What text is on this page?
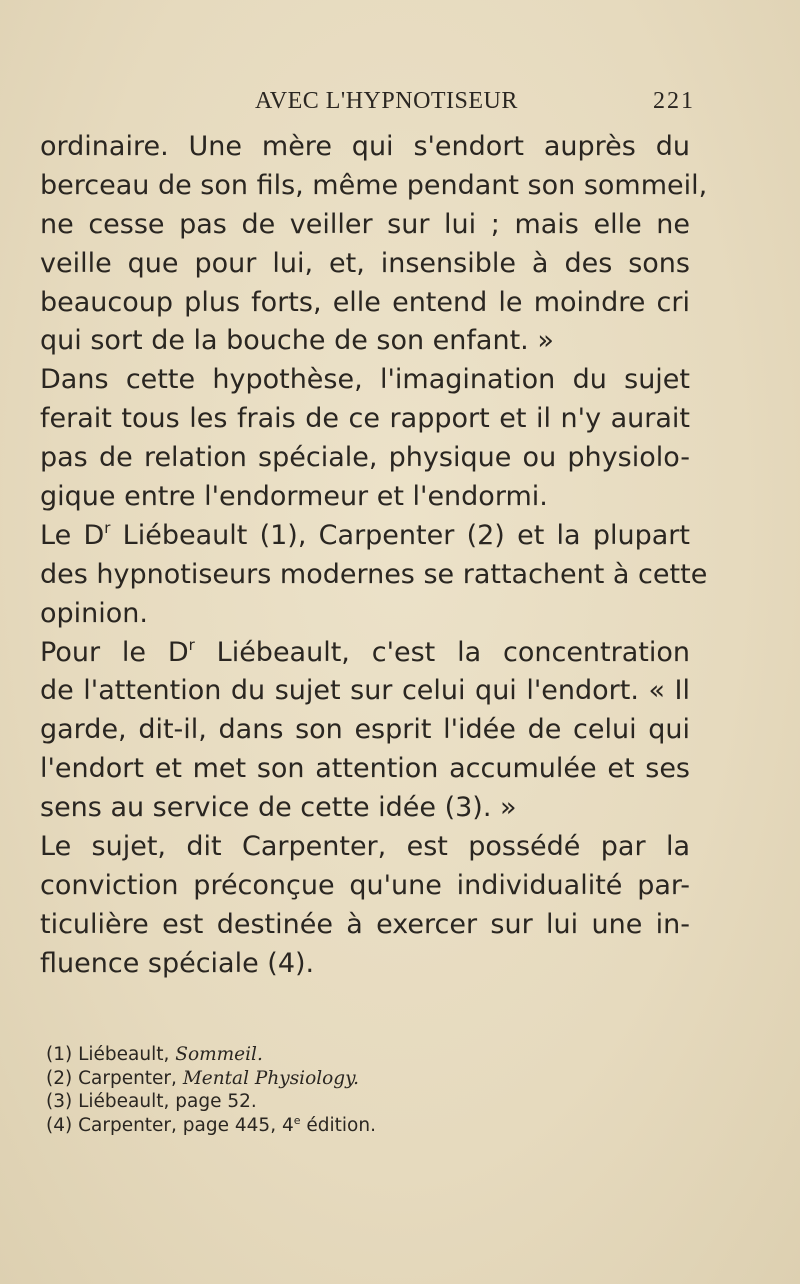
AVEC L'HYPNOTISEUR	221
ordinaire. Une mère qui s'endort auprès du
berceau de son fils, même pendant son sommeil,
ne cesse pas de veiller sur lui ; mais elle ne
veille que pour lui, et, insensible à des sons
beaucoup plus forts, elle entend le moindre cri
qui sort de la bouche de son enfant. »
Dans cette hypothèse, l'imagination du sujet
ferait tous les frais de ce rapport et il n'y aurait
pas de relation spéciale, physique ou physiolo-
gique entre l'endormeur et l'endormi.
Le $D^r$ Liébeault (1), Carpenter (2) et la plupart
des hypnotiseurs modernes se rattachent à cette
opinion.
Pour le $D^r$ Liébeault, c'est la concentration
de l'attention du sujet sur celui qui l'endort. « Il
garde, dit-il, dans son esprit l'idée de celui qui
l'endort et met son attention accumulée et ses
sens au service de cette idée (3). »
Le sujet, dit Carpenter, est possédé par la
conviction préconçue qu'une individualité par-
ticulière est destinée à exercer sur lui une in-
fluence spéciale (4).
(1) Liébeault, Sommeil.
(2) Carpenter, Mental Physiology.
(3) Liébeault, page 52.
(4) Carpenter, page 445, 4e édition.
